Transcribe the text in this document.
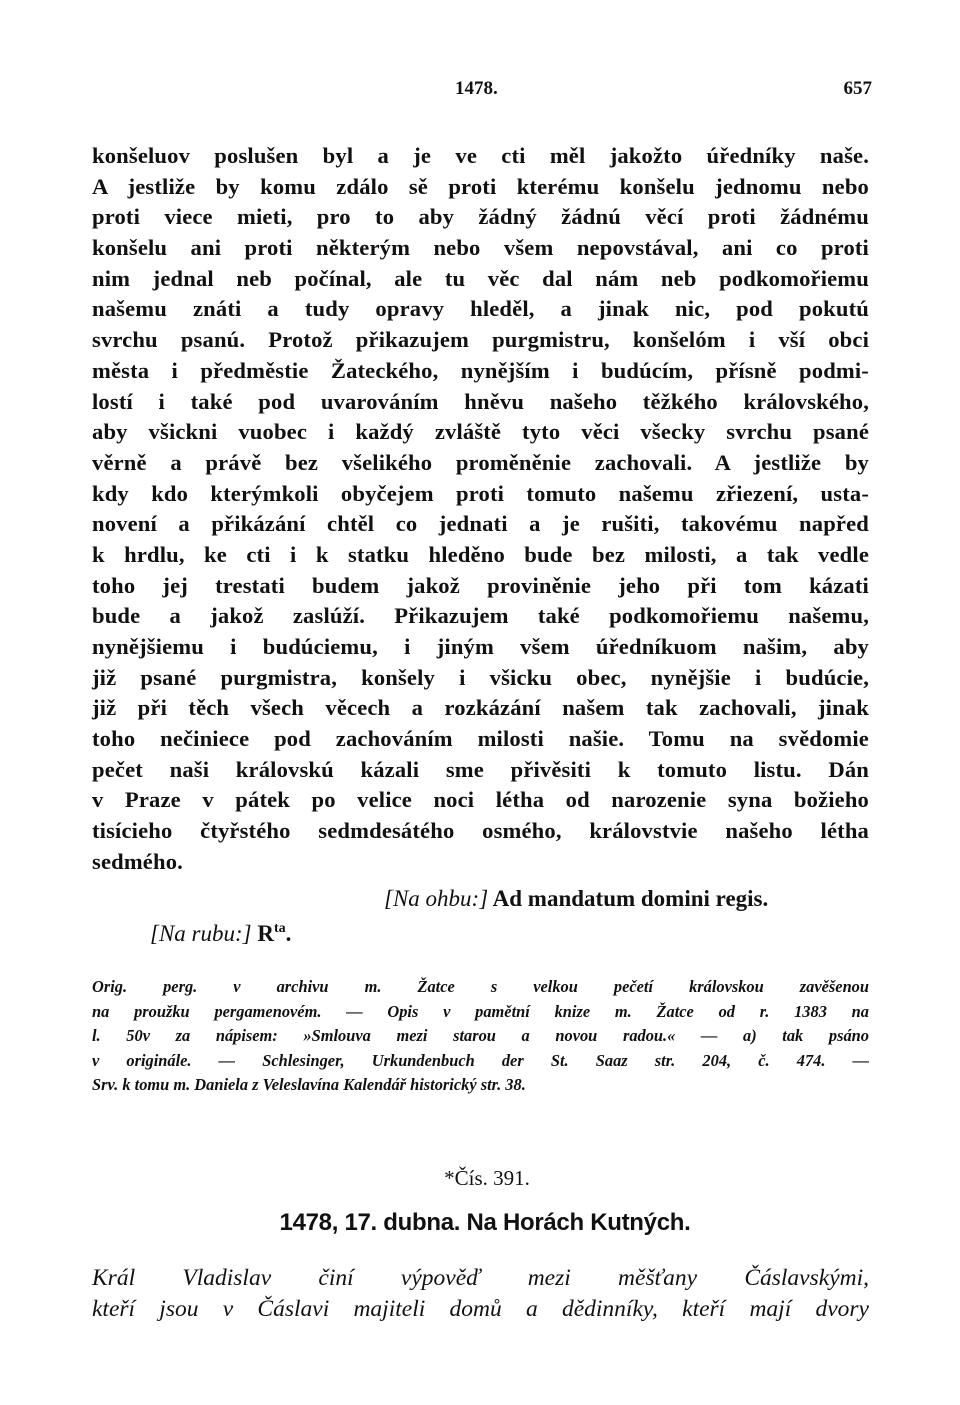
1478.	657
konšeluov poslušen byl a je ve cti měl jakožto úředníky naše.
A jestliže by komu zdálo sě proti kterému konšelu jednomu nebo
proti viece mieti, pro to aby žádný žádnú věcí proti žádnému
konšelu ani proti některým nebo všem nepovstával, ani co proti
nim jednal neb počínal, ale tu věc dal nám neb podkomořiemu
našemu znáti a tudy opravy hleděl, a jinak nic, pod pokutú
svrchu psanú. Protož přikazujem purgmistru, konšelóm i vší obci
města i předměstie Žateckého, nynějším i budúcím, přísně podmi-
lostí i také pod uvarováním hněvu našeho těžkého královského,
aby všickni vuobec i každý zvláště tyto věci všecky svrchu psané
věrně a právě bez všelikého proměněnie zachovali. A jestliže by
kdy kdo kterýmkoli obyčejem proti tomuto našemu zřiezení, usta-
novení a přikázání chtěl co jednati a je rušiti, takovému napřed
k hrdlu, ke cti i k statku hleděno bude bez milosti, a tak vedle
toho jej trestati budem jakož proviněnie jeho při tom kázati
bude a jakož zaslúží. Přikazujem také podkomořiemu našemu,
nynějšiemu i budúciemu, i jiným všem úředníkuom našim, aby
již psané purgmistra, konšely i všicku obec, nynějšie i budúcie,
již při těch všech věcech a rozkázání našem tak zachovali, jinak
toho nečiniece pod zachováním milosti našie. Tomu na svědomie
pečet naši královskú kázali sme přivěsiti k tomuto listu. Dán
v Praze v pátek po velice noci létha od narozenie syna božieho
tisícieho čtyřstého sedmdesátého osmého, královstvie našeho létha
sedmého.
[Na ohbu:] Ad mandatum domini regis.
[Na rubu:] $R^{ta}$.
Orig. perg. v archivu m. Žatce s velkou pečetí královskou zavěšenou
na proužku pergamenovém. — Opis v pamětní knize m. Žatce od r. 1383 na
l. 50v za nápisem: »Smlouva mezi starou a novou radou.« — a) tak psáno
v originále. — Schlesinger, Urkundenbuch der St. Saaz str. 204, č. 474. —
Srv. k tomu m. Daniela z Veleslavína Kalendář historický str. 38.
*Čís. 391.
1478, 17. dubna. Na Horách Kutných.
Král Vladislav činí výpověď mezi měšťany Čáslavskými,
kteří jsou v Čáslavi majiteli domů a dědinníky, kteří mají dvory
